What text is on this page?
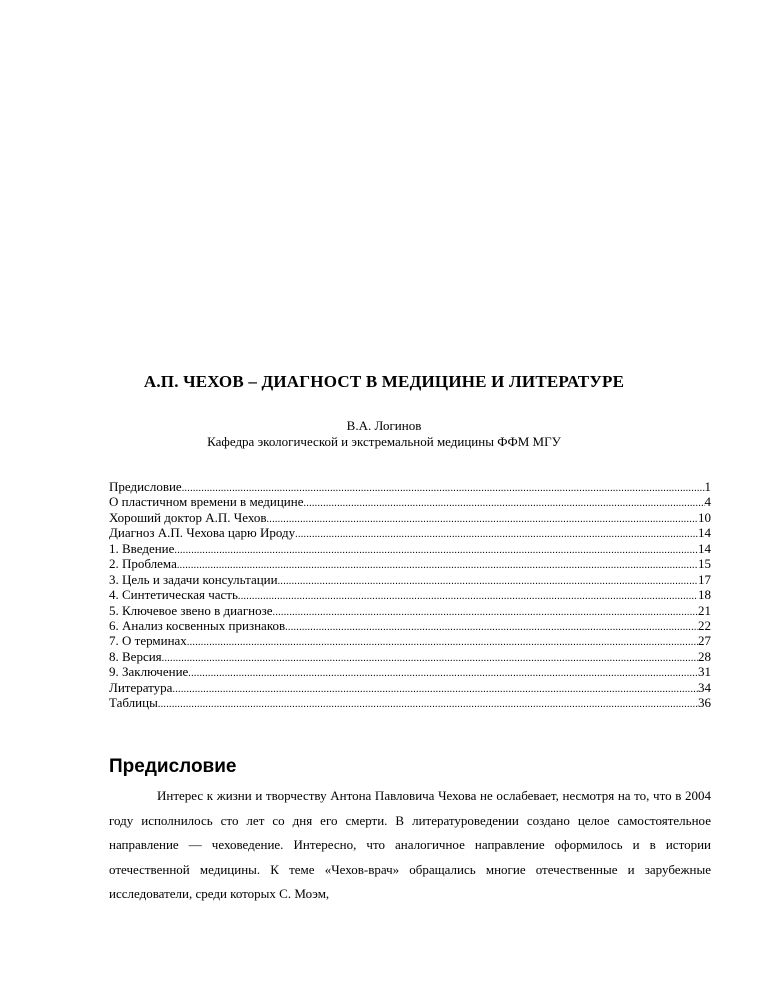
А.П. ЧЕХОВ – ДИАГНОСТ В МЕДИЦИНЕ И ЛИТЕРАТУРЕ
В.А. Логинов
Кафедра экологической и экстремальной медицины ФФМ МГУ
Предисловие .....	1
О пластичном времени в медицине .....	4
Хороший доктор А.П. Чехов .....	10
Диагноз А.П. Чехова царю Ироду .....	14
1. Введение .....	14
2. Проблема .....	15
3. Цель и задачи консультации .....	17
4. Синтетическая часть .....	18
5. Ключевое звено в диагнозе .....	21
6. Анализ косвенных признаков .....	22
7. О терминах .....	27
8. Версия .....	28
9. Заключение .....	31
Литература .....	34
Таблицы .....	36
Предисловие

Интерес к жизни и творчеству Антона Павловича Чехова не ослабевает, несмотря на то, что в 2004 году исполнилось сто лет со дня его смерти. В литературоведении создано целое самостоятельное направление — чеховедение. Интересно, что аналогичное направление оформилось и в истории отечественной медицины. К теме «Чехов-врач» обращались многие отечественные и зарубежные исследователи, среди которых С. Моэм,
